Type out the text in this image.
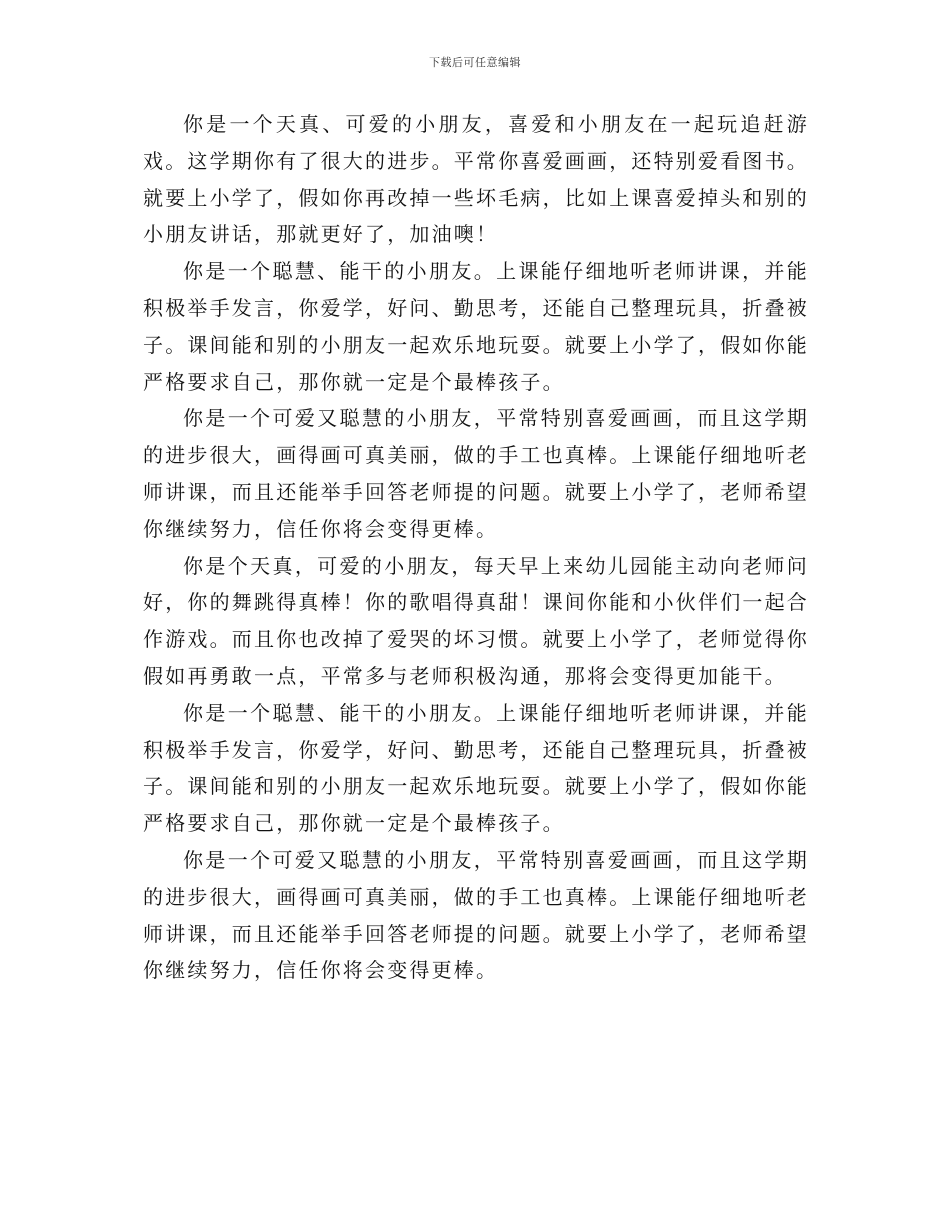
下载后可任意编辑

你是一个天真、可爱的小朋友，喜爱和小朋友在一起玩追赶游戏。这学期你有了很大的进步。平常你喜爱画画，还特别爱看图书。就要上小学了，假如你再改掉一些坏毛病，比如上课喜爱掉头和别的小朋友讲话，那就更好了，加油噢！

你是一个聪慧、能干的小朋友。上课能仔细地听老师讲课，并能积极举手发言，你爱学，好问、勤思考，还能自己整理玩具，折叠被子。课间能和别的小朋友一起欢乐地玩耍。就要上小学了，假如你能严格要求自己，那你就一定是个最棒孩子。

你是一个可爱又聪慧的小朋友，平常特别喜爱画画，而且这学期的进步很大，画得画可真美丽，做的手工也真棒。上课能仔细地听老师讲课，而且还能举手回答老师提的问题。就要上小学了，老师希望你继续努力，信任你将会变得更棒。

你是个天真，可爱的小朋友，每天早上来幼儿园能主动向老师问好，你的舞跳得真棒！你的歌唱得真甜！课间你能和小伙伴们一起合作游戏。而且你也改掉了爱哭的坏习惯。就要上小学了，老师觉得你假如再勇敢一点，平常多与老师积极沟通，那将会变得更加能干。

你是一个聪慧、能干的小朋友。上课能仔细地听老师讲课，并能积极举手发言，你爱学，好问、勤思考，还能自己整理玩具，折叠被子。课间能和别的小朋友一起欢乐地玩耍。就要上小学了，假如你能严格要求自己，那你就一定是个最棒孩子。

你是一个可爱又聪慧的小朋友，平常特别喜爱画画，而且这学期的进步很大，画得画可真美丽，做的手工也真棒。上课能仔细地听老师讲课，而且还能举手回答老师提的问题。就要上小学了，老师希望你继续努力，信任你将会变得更棒。
